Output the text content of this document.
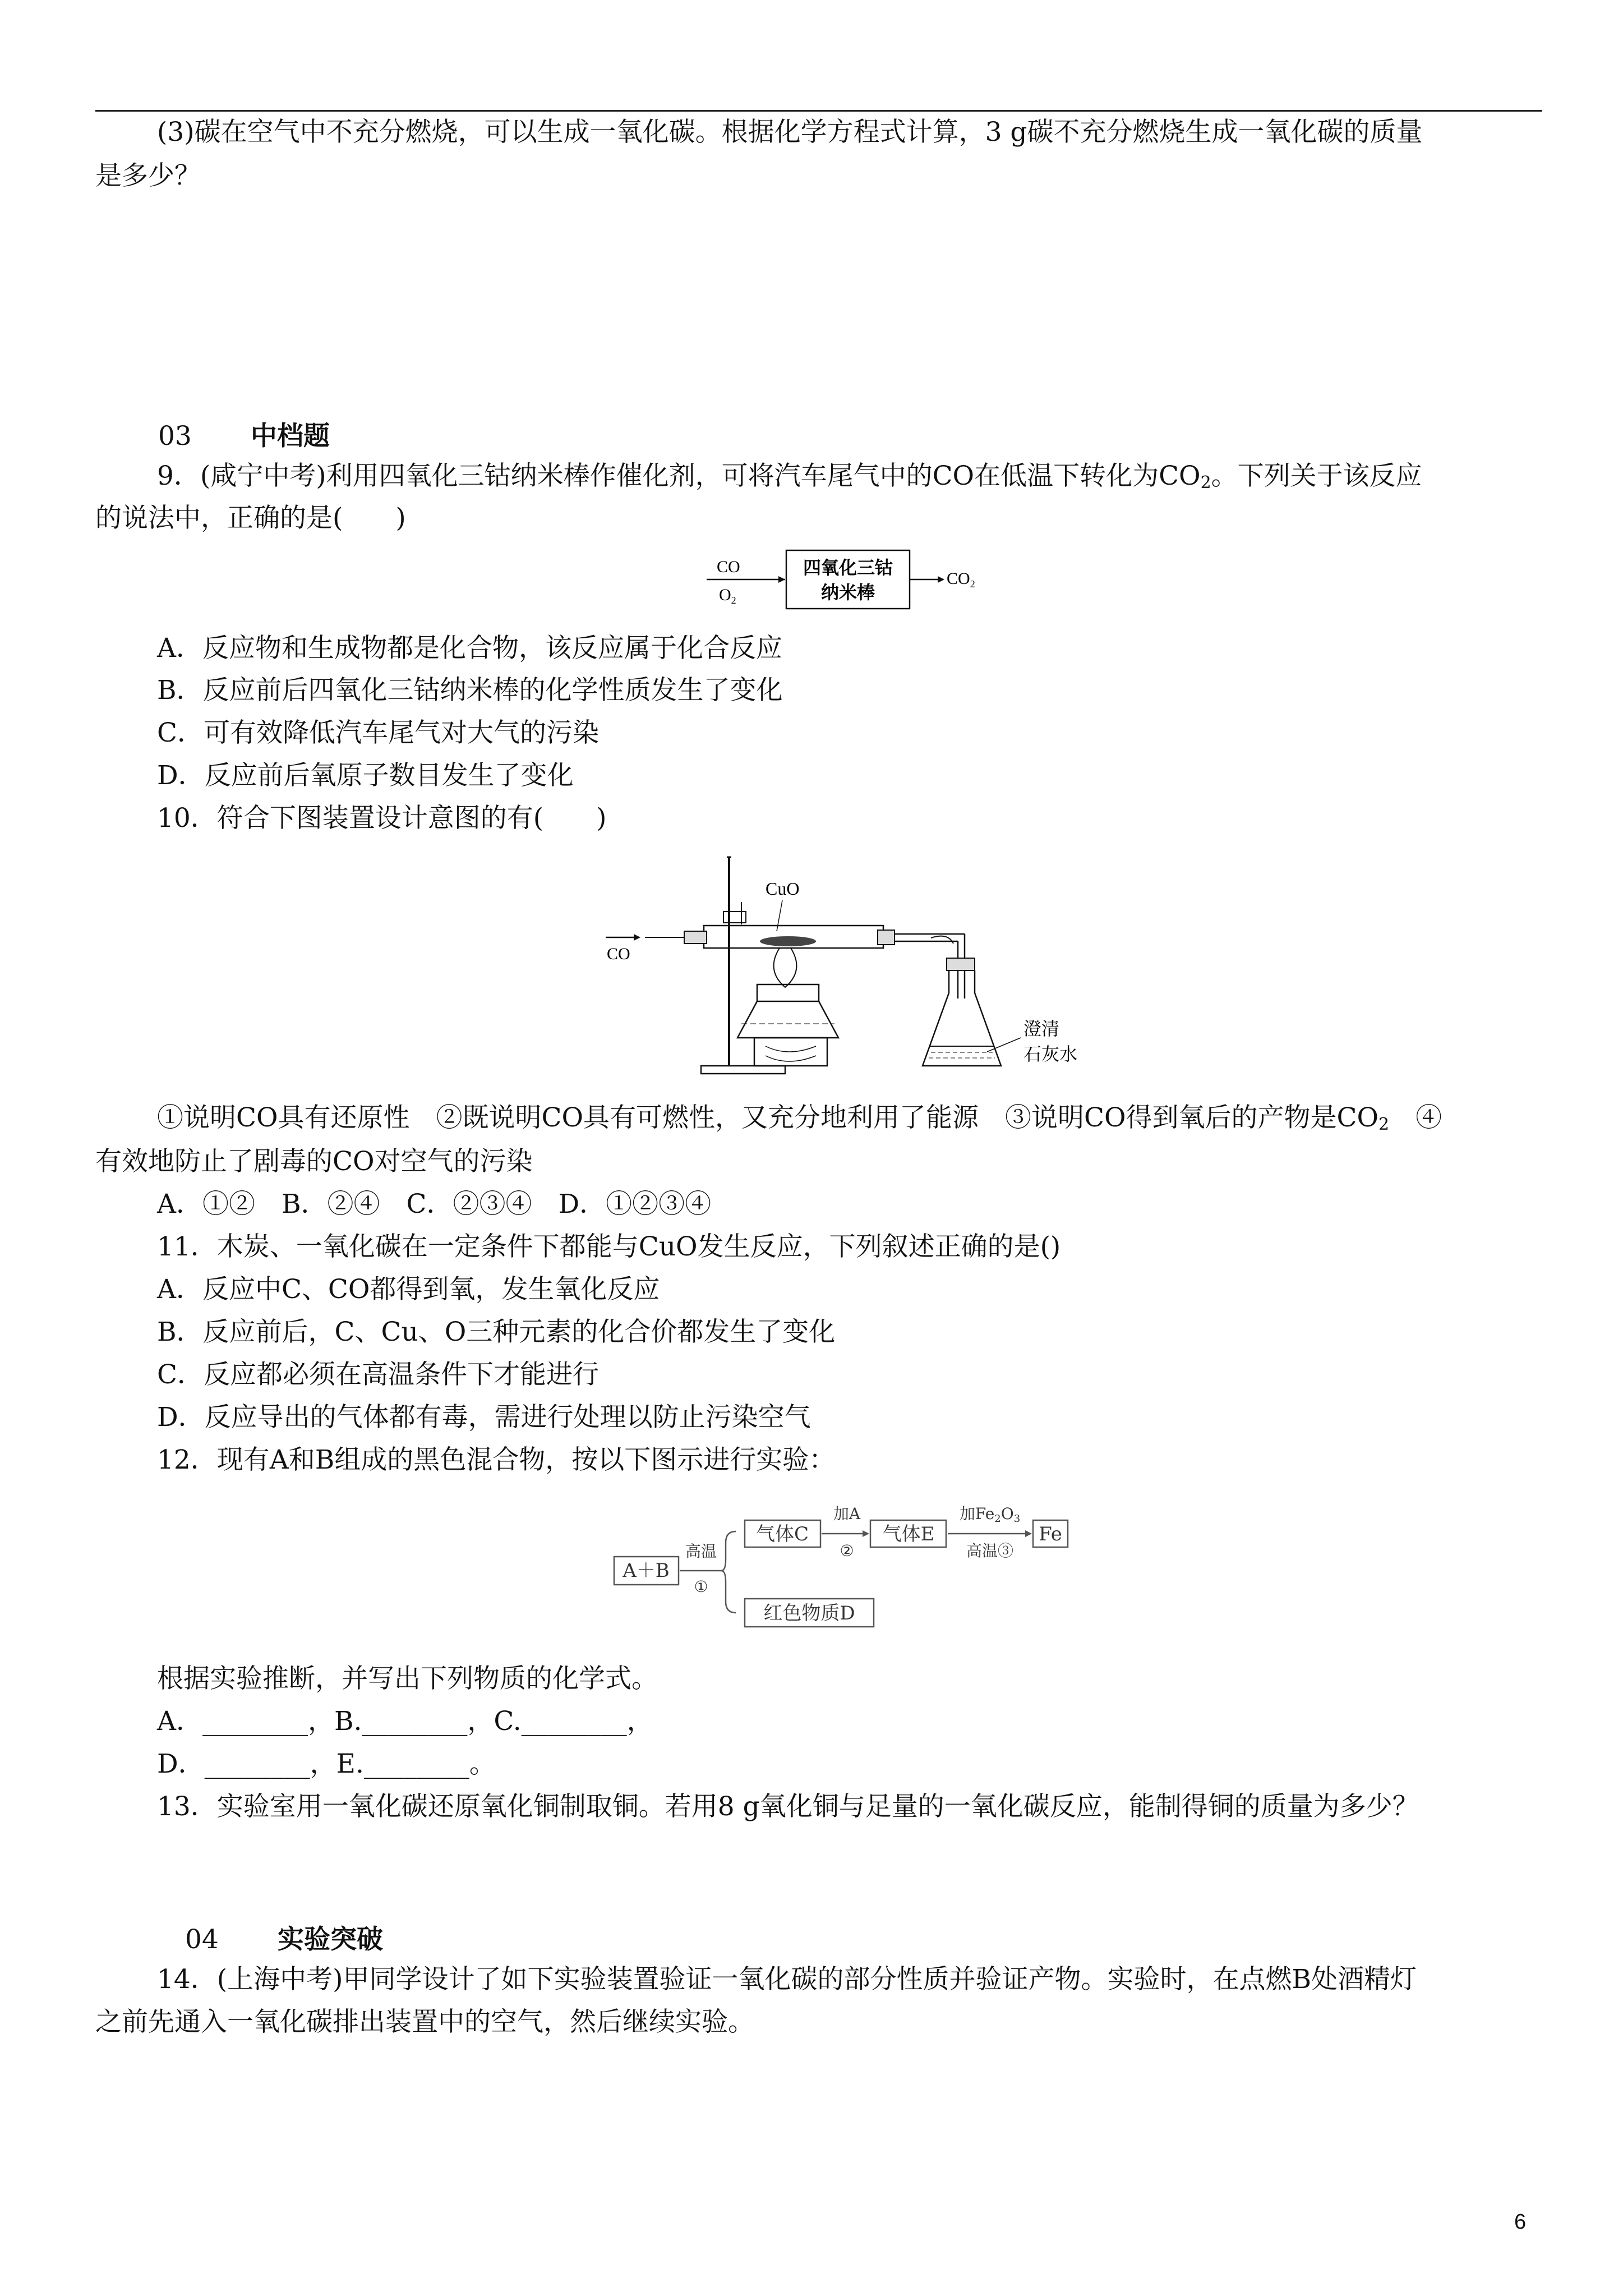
(3)碳在空气中不充分燃烧，可以生成一氧化碳。根据化学方程式计算，3 g碳不充分燃烧生成一氧化碳的质量
是多少？
03 中档题
9．(咸宁中考)利用四氧化三钴纳米棒作催化剂，可将汽车尾气中的CO在低温下转化为$CO_2$。下列关于该反应
的说法中，正确的是(　　)
CO
$O_2$
四氧化三钴
纳米棒
$CO_2$
A．反应物和生成物都是化合物，该反应属于化合反应
B．反应前后四氧化三钴纳米棒的化学性质发生了变化
C．可有效降低汽车尾气对大气的污染
D．反应前后氧原子数目发生了变化
10．符合下图装置设计意图的有(　　)
CO
CuO
澄清
石灰水
①说明CO具有还原性　②既说明CO具有可燃性，又充分地利用了能源　③说明CO得到氧后的产物是$CO_2$　④
有效地防止了剧毒的CO对空气的污染
A．①②　B．②④　C．②③④　D．①②③④
11．木炭、一氧化碳在一定条件下都能与CuO发生反应，下列叙述正确的是()
A．反应中C、CO都得到氧，发生氧化反应
B．反应前后，C、Cu、O三种元素的化合价都发生了变化
C．反应都必须在高温条件下才能进行
D．反应导出的气体都有毒，需进行处理以防止污染空气
12．现有A和B组成的黑色混合物，按以下图示进行实验：
A＋B
高温
①
气体C
加A
②
气体E
加Fe2O3
高温③
Fe
红色物质D
根据实验推断，并写出下列物质的化学式。
A．________，B.________，C.________，
D．________，E.________。
13．实验室用一氧化碳还原氧化铜制取铜。若用8 g氧化铜与足量的一氧化碳反应，能制得铜的质量为多少？
04 实验突破
14．(上海中考)甲同学设计了如下实验装置验证一氧化碳的部分性质并验证产物。实验时，在点燃B处酒精灯
之前先通入一氧化碳排出装置中的空气，然后继续实验。
6
